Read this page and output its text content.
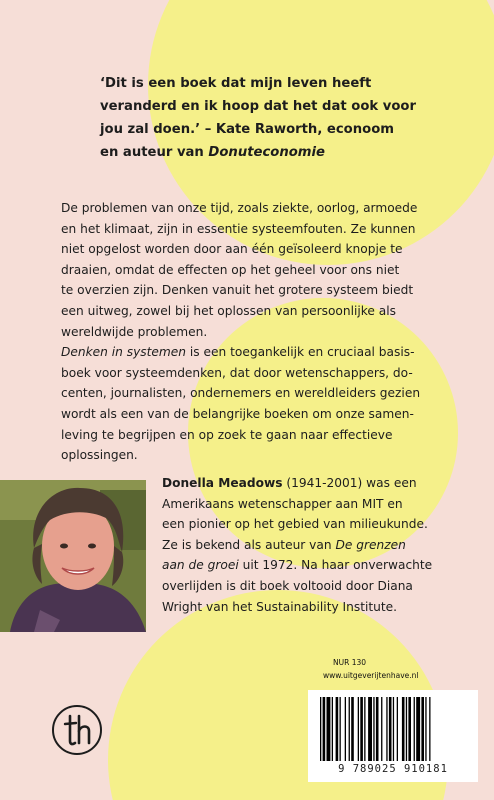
‘Dit is een boek dat mijn leven heeft
veranderd en ik hoop dat het dat ook voor
jou zal doen.’ – Kate Raworth, econoom
en auteur van Donuteconomie

De problemen van onze tijd, zoals ziekte, oorlog, armoede
en het klimaat, zijn in essentie systeemfouten. Ze kunnen
niet opgelost worden door aan één geïsoleerd knopje te
draaien, omdat de effecten op het geheel voor ons niet
te overzien zijn. Denken vanuit het grotere systeem biedt
een uitweg, zowel bij het oplossen van persoonlijke als
wereldwijde problemen.

Denken in systemen is een toegankelijk en cruciaal basis-
boek voor systeemdenken, dat door wetenschappers, do-
centen, journalisten, ondernemers en wereldleiders gezien
wordt als een van de belangrijke boeken om onze samen-
leving te begrijpen en op zoek te gaan naar effectieve
oplossingen.

Donella Meadows (1941-2001) was een
Amerikaans wetenschapper aan MIT en
een pionier op het gebied van milieukunde.
Ze is bekend als auteur van De grenzen
aan de groei uit 1972. Na haar onverwachte
overlijden is dit boek voltooid door Diana
Wright van het Sustainability Institute.
NUR 130
www.uitgeverijtenhave.nl
9 789025 910181
